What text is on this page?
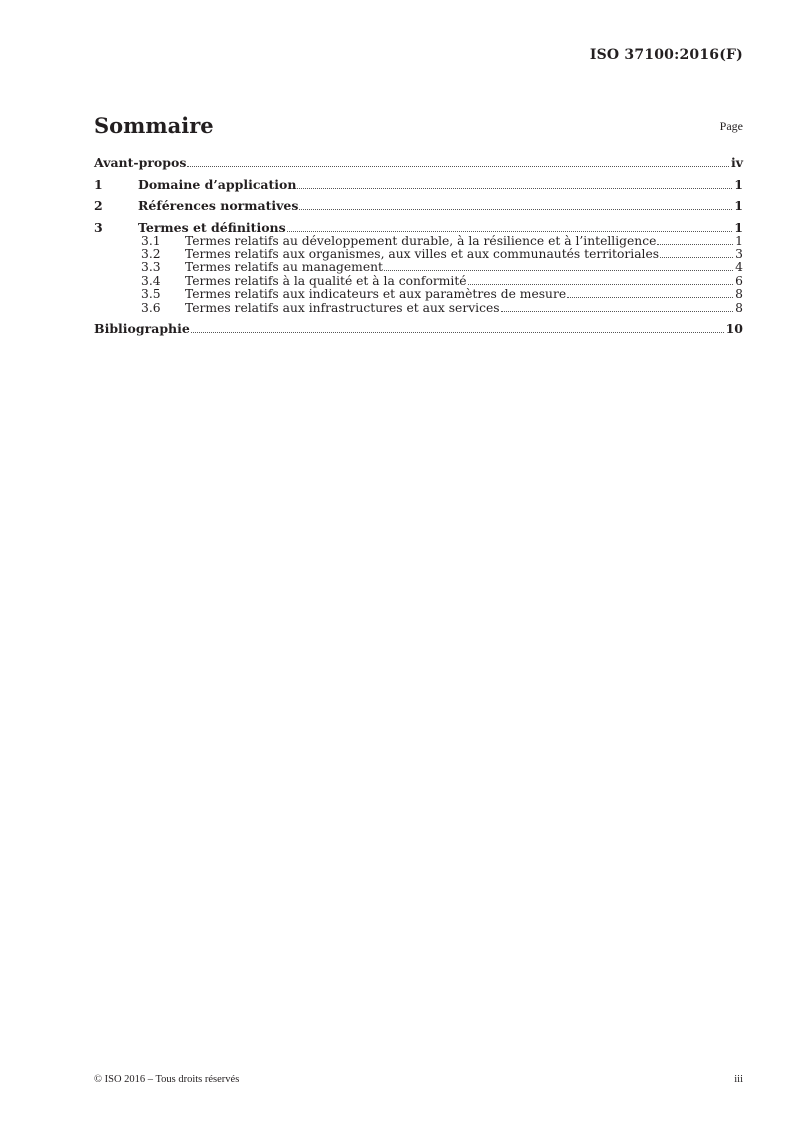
ISO 37100:2016(F)
Sommaire	Page
Avant-propos	iv
1	Domaine d’application	1
2	Références normatives	1
3	Termes et définitions	1
3.1	Termes relatifs au développement durable, à la résilience et à l’intelligence	1
3.2	Termes relatifs aux organismes, aux villes et aux communautés territoriales	3
3.3	Termes relatifs au management	4
3.4	Termes relatifs à la qualité et à la conformité	6
3.5	Termes relatifs aux indicateurs et aux paramètres de mesure	8
3.6	Termes relatifs aux infrastructures et aux services	8
Bibliographie	10
© ISO 2016 – Tous droits réservés	iii
